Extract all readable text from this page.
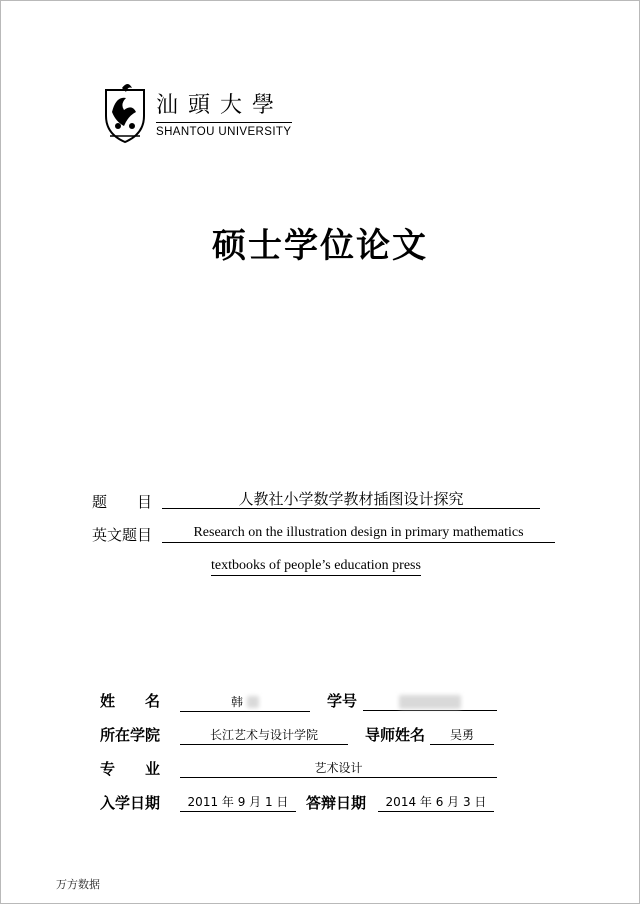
汕頭大學
SHANTOU UNIVERSITY
硕士学位论文
题　　目	人教社小学数学教材插图设计探究
英文题目	Research on the illustration design in primary mathematics
textbooks of people’s education press
姓　　名	韩	学号
所在学院	长江艺术与设计学院	导师姓名	吴勇
专　　业	艺术设计
入学日期	2011 年 9 月 1 日	答辩日期	2014 年 6 月 3 日
万方数据
